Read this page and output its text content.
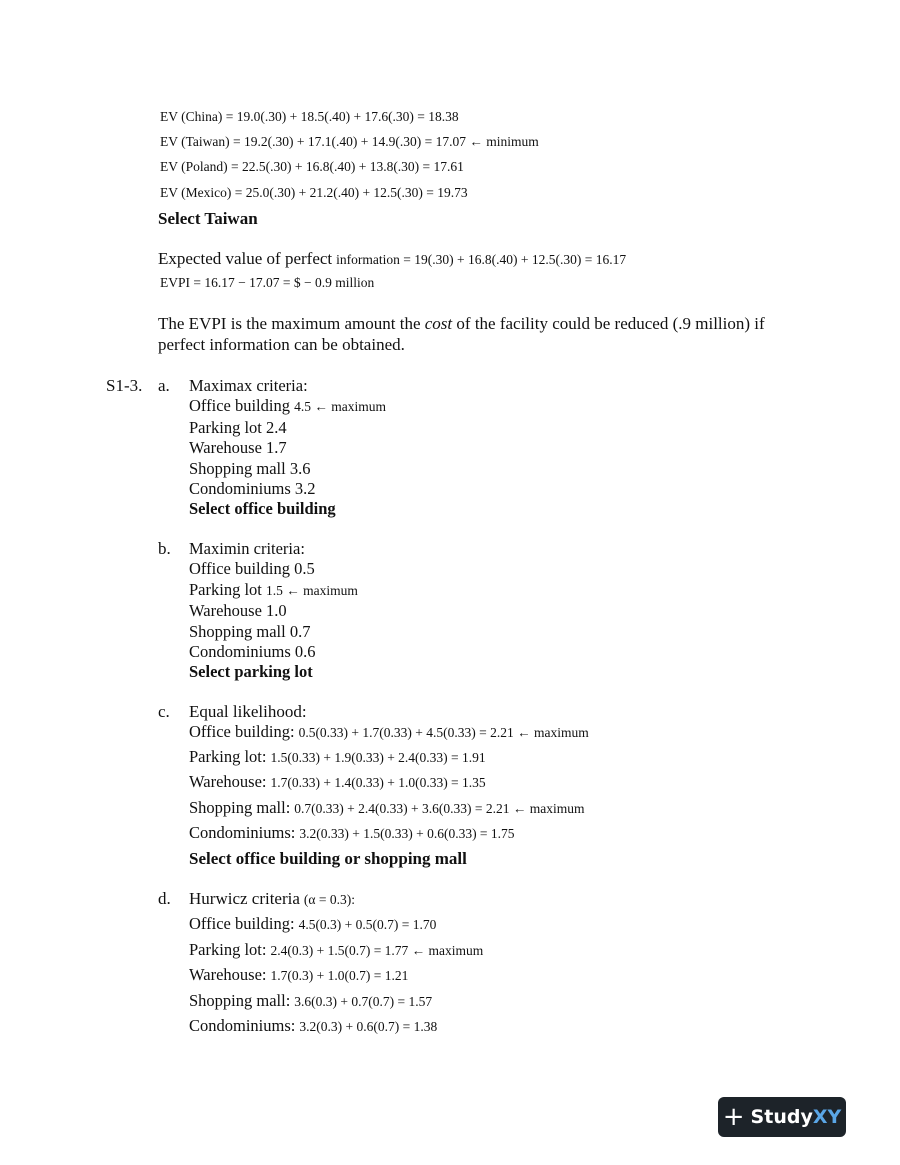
EV (China) = 19.0(.30) + 18.5(.40) + 17.6(.30) = 18.38
EV (Taiwan) = 19.2(.30) + 17.1(.40) + 14.9(.30) = 17.07 ← minimum
EV (Poland) = 22.5(.30) + 16.8(.40) + 13.8(.30) = 17.61
EV (Mexico) = 25.0(.30) + 21.2(.40) + 12.5(.30) = 19.73
Select Taiwan
Expected value of perfect information = 19(.30) + 16.8(.40) + 12.5(.30) = 16.17
EVPI = 16.17 − 17.07 = $ − 0.9 million
The EVPI is the maximum amount the cost of the facility could be reduced (.9 million) if perfect information can be obtained.
S1-3. a. Maximax criteria:
Office building 4.5 ← maximum
Parking lot 2.4
Warehouse 1.7
Shopping mall 3.6
Condominiums 3.2
Select office building
b. Maximin criteria:
Office building 0.5
Parking lot 1.5 ← maximum
Warehouse 1.0
Shopping mall 0.7
Condominiums 0.6
Select parking lot
c. Equal likelihood:
Office building: 0.5(0.33) + 1.7(0.33) + 4.5(0.33) = 2.21 ← maximum
Parking lot: 1.5(0.33) + 1.9(0.33) + 2.4(0.33) = 1.91
Warehouse: 1.7(0.33) + 1.4(0.33) + 1.0(0.33) = 1.35
Shopping mall: 0.7(0.33) + 2.4(0.33) + 3.6(0.33) = 2.21 ← maximum
Condominiums: 3.2(0.33) + 1.5(0.33) + 0.6(0.33) = 1.75
Select office building or shopping mall
d. Hurwicz criteria (α = 0.3):
Office building: 4.5(0.3) + 0.5(0.7) = 1.70
Parking lot: 2.4(0.3) + 1.5(0.7) = 1.77 ← maximum
Warehouse: 1.7(0.3) + 1.0(0.7) = 1.21
Shopping mall: 3.6(0.3) + 0.7(0.7) = 1.57
Condominiums: 3.2(0.3) + 0.6(0.7) = 1.38
+ Study XY
